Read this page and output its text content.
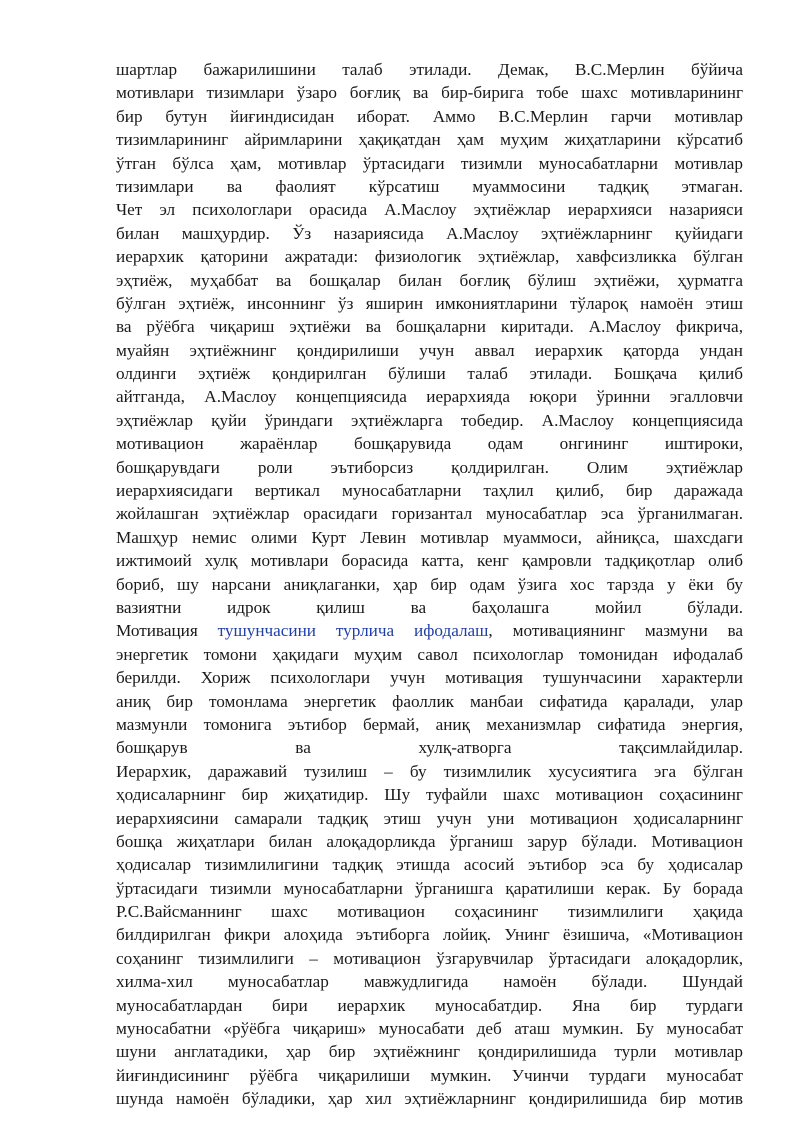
шартлар бажарилишини талаб этилади. Демак, В.С.Мерлин бўйича
мотивлари тизимлари ўзаро боғлиқ ва бир-бирига тобе шахс мотивларининг
бир бутун йиғиндисидан иборат. Аммо В.С.Мерлин гарчи мотивлар
тизимларининг айримларини ҳақиқатдан ҳам муҳим жиҳатларини кўрсатиб
ўтган бўлса ҳам, мотивлар ўртасидаги тизимли муносабатларни мотивлар
тизимлари ва фаолият кўрсатиш муаммосини тадқиқ этмаган.
Чет эл психологлари орасида А.Маслоу эҳтиёжлар иерархияси назарияси
билан машҳурдир. Ўз назариясида А.Маслоу эҳтиёжларнинг қуйидаги
иерархик қаторини ажратади: физиологик эҳтиёжлар, хавфсизликка бўлган
эҳтиёж, муҳаббат ва бошқалар билан боғлиқ бўлиш эҳтиёжи, ҳурматга
бўлган эҳтиёж, инсоннинг ўз яширин имкониятларини тўлароқ намоён этиш
ва рўёбга чиқариш эҳтиёжи ва бошқаларни киритади. А.Маслоу фикрича,
муайян эҳтиёжнинг қондирилиши учун аввал иерархик қаторда ундан
олдинги эҳтиёж қондирилган бўлиши талаб этилади. Бошқача қилиб
айтганда, А.Маслоу концепциясида иерархияда юқори ўринни эгалловчи
эҳтиёжлар қуйи ўриндаги эҳтиёжларга тобедир. А.Маслоу концепциясида
мотивацион жараёнлар бошқарувида одам онгининг иштироки,
бошқарувдаги роли эътиборсиз қолдирилган. Олим эҳтиёжлар
иерархиясидаги вертикал муносабатларни таҳлил қилиб, бир даражада
жойлашган эҳтиёжлар орасидаги горизантал муносабатлар эса ўрганилмаган.
Машҳур немис олими Курт Левин мотивлар муаммоси, айниқса, шахсдаги
ижтимоий хулқ мотивлари борасида катта, кенг қамровли тадқиқотлар олиб
бориб, шу нарсани аниқлаганки, ҳар бир одам ўзига хос тарзда у ёки бу
вазиятни идрок қилиш ва баҳолашга мойил бўлади.
Мотивация тушунчасини турлича ифодалаш, мотивациянинг мазмуни ва
энергетик томони ҳақидаги муҳим савол психологлар томонидан ифодалаб
берилди. Хориж психологлари учун мотивация тушунчасини характерли
аниқ бир томонлама энергетик фаоллик манбаи сифатида қаралади, улар
мазмунли томонига эътибор бермай, аниқ механизмлар сифатида энергия,
бошқарув ва хулқ-атворга тақсимлайдилар.
Иерархик, даражавий тузилиш – бу тизимлилик хусусиятига эга бўлган
ҳодисаларнинг бир жиҳатидир. Шу туфайли шахс мотивацион соҳасининг
иерархиясини самарали тадқиқ этиш учун уни мотивацион ҳодисаларнинг
бошқа жиҳатлари билан алоқадорликда ўрганиш зарур бўлади. Мотивацион
ҳодисалар тизимлилигини тадқиқ этишда асосий эътибор эса бу ҳодисалар
ўртасидаги тизимли муносабатларни ўрганишга қаратилиши керак. Бу борада
Р.С.Вайсманнинг шахс мотивацион соҳасининг тизимлилиги ҳақида
билдирилган фикри алоҳида эътиборга лойиқ. Унинг ёзишича, «Мотивацион
соҳанинг тизимлилиги – мотивацион ўзгарувчилар ўртасидаги алоқадорлик,
хилма-хил муносабатлар мавжудлигида намоён бўлади. Шундай
муносабатлардан бири иерархик муносабатдир. Яна бир турдаги
муносабатни «рўёбга чиқариш» муносабати деб аташ мумкин. Бу муносабат
шуни англатадики, ҳар бир эҳтиёжнинг қондирилишида турли мотивлар
йиғиндисининг рўёбга чиқарилиши мумкин. Учинчи турдаги муносабат
шунда намоён бўладики, ҳар хил эҳтиёжларнинг қондирилишида бир мотив
